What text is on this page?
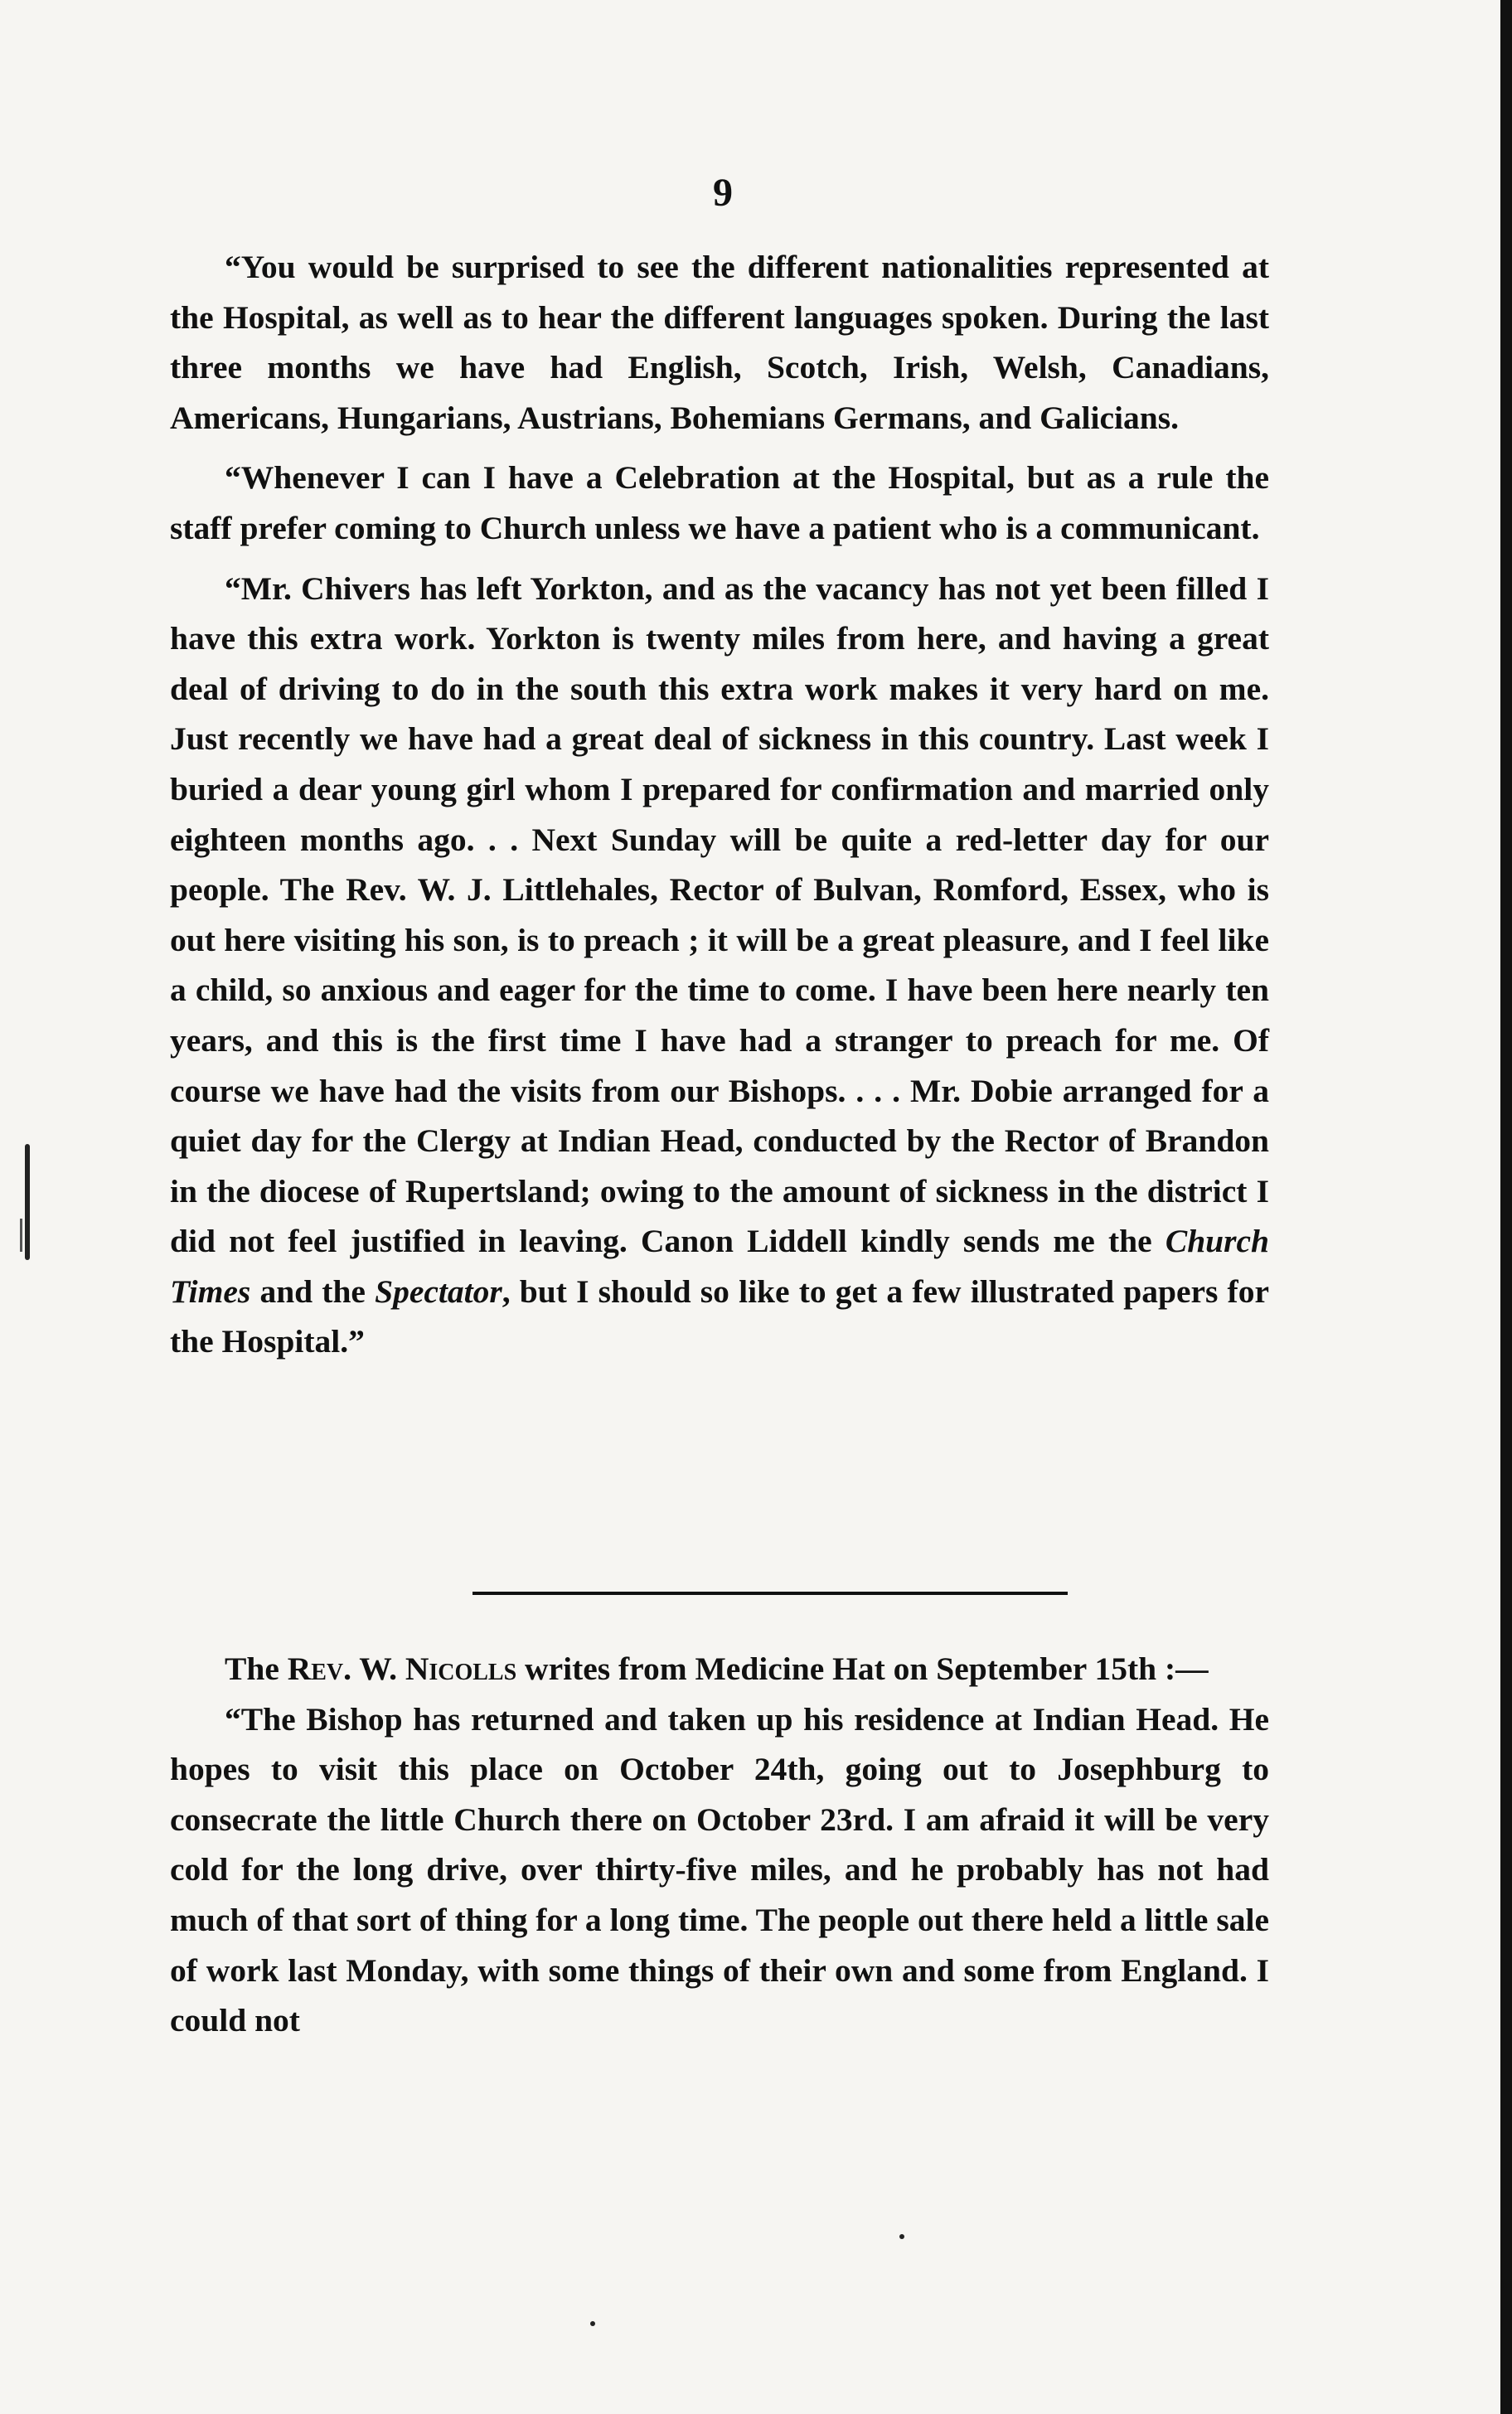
9

“You would be surprised to see the different nationalities represented at the Hospital, as well as to hear the different languages spoken. During the last three months we have had English, Scotch, Irish, Welsh, Canadians, Americans, Hungarians, Austrians, Bohemians Germans, and Galicians.

“Whenever I can I have a Celebration at the Hospital, but as a rule the staff prefer coming to Church unless we have a patient who is a communicant.

“Mr. Chivers has left Yorkton, and as the vacancy has not yet been filled I have this extra work. Yorkton is twenty miles from here, and having a great deal of driving to do in the south this extra work makes it very hard on me. Just recently we have had a great deal of sickness in this country. Last week I buried a dear young girl whom I prepared for confirmation and married only eighteen months ago. . . Next Sunday will be quite a red-letter day for our people. The Rev. W. J. Littlehales, Rector of Bulvan, Romford, Essex, who is out here visiting his son, is to preach ; it will be a great pleasure, and I feel like a child, so anxious and eager for the time to come. I have been here nearly ten years, and this is the first time I have had a stranger to preach for me. Of course we have had the visits from our Bishops. . . . Mr. Dobie arranged for a quiet day for the Clergy at Indian Head, conducted by the Rector of Brandon in the diocese of Rupertsland; owing to the amount of sickness in the district I did not feel justified in leaving. Canon Liddell kindly sends me the Church Times and the Spectator, but I should so like to get a few illustrated papers for the Hospital.”

The Rev. W. Nicolls writes from Medicine Hat on September 15th :—

“The Bishop has returned and taken up his residence at Indian Head. He hopes to visit this place on October 24th, going out to Josephburg to consecrate the little Church there on October 23rd. I am afraid it will be very cold for the long drive, over thirty-five miles, and he probably has not had much of that sort of thing for a long time. The people out there held a little sale of work last Monday, with some things of their own and some from England. I could not
